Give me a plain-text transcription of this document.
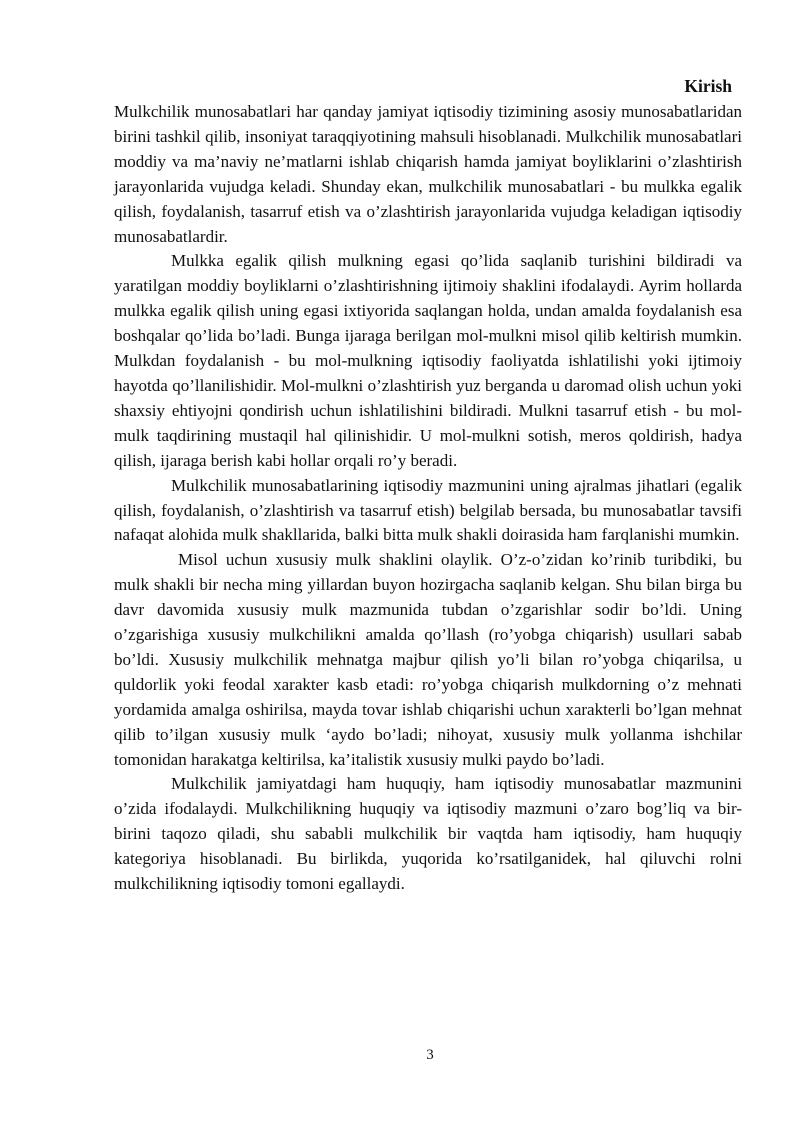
Kirish

Mulkchilik munosabatlari har qanday jamiyat iqtisodiy tizimining asosiy munosabatlaridan birini tashkil qilib, insoniyat taraqqiyotining mahsuli hisoblanadi. Mulkchilik munosabatlari moddiy va ma’naviy ne’matlarni ishlab chiqarish hamda jamiyat boyliklarini o’zlashtirish jarayonlarida vujudga keladi. Shunday ekan, mulkchilik munosabatlari - bu mulkka egalik qilish, foydalanish, tasarruf etish va o’zlashtirish jarayonlarida vujudga keladigan iqtisodiy munosabatlardir.

Mulkka egalik qilish mulkning egasi qo’lida saqlanib turishini bildiradi va yaratilgan moddiy boyliklarni o’zlashtirishning ijtimoiy shaklini ifodalaydi. Ayrim hollarda mulkka egalik qilish uning egasi ixtiyorida saqlangan holda, undan amalda foydalanish esa boshqalar qo’lida bo’ladi. Bunga ijaraga berilgan mol-mulkni misol qilib keltirish mumkin. Mulkdan foydalanish - bu mol-mulkning iqtisodiy faoliyatda ishlatilishi yoki ijtimoiy hayotda qo’llanilishidir. Mol-mulkni o’zlashtirish yuz berganda u daromad olish uchun yoki shaxsiy ehtiyojni qondirish uchun ishlatilishini bildiradi. Mulkni tasarruf etish - bu mol-mulk taqdirining mustaqil hal qilinishidir. U mol-mulkni sotish, meros qoldirish, hadya qilish, ijaraga berish kabi hollar orqali ro’y beradi.

Mulkchilik munosabatlarining iqtisodiy mazmunini uning ajralmas jihatlari (egalik qilish, foydalanish, o’zlashtirish va tasarruf etish) belgilab bersada, bu munosabatlar tavsifi nafaqat alohida mulk shakllarida, balki bitta mulk shakli doirasida ham farqlanishi mumkin.

Misol uchun xususiy mulk shaklini olaylik. O’z-o’zidan ko’rinib turibdiki, bu mulk shakli bir necha ming yillardan buyon hozirgacha saqlanib kelgan. Shu bilan birga bu davr davomida xususiy mulk mazmunida tubdan o’zgarishlar sodir bo’ldi. Uning o’zgarishiga xususiy mulkchilikni amalda qo’llash (ro’yobga chiqarish) usullari sabab bo’ldi. Xususiy mulkchilik mehnatga majbur qilish yo’li bilan ro’yobga chiqarilsa, u quldorlik yoki feodal xarakter kasb etadi: ro’yobga chiqarish mulkdorning o’z mehnati yordamida amalga oshirilsa, mayda tovar ishlab chiqarishi uchun xarakterli bo’lgan mehnat qilib to’ilgan xususiy mulk ‘aydo bo’ladi; nihoyat, xususiy mulk yollanma ishchilar tomonidan harakatga keltirilsa, ka’italistik xususiy mulki paydo bo’ladi.

Mulkchilik jamiyatdagi ham huquqiy, ham iqtisodiy munosabatlar mazmunini o’zida ifodalaydi. Mulkchilikning huquqiy va iqtisodiy mazmuni o’zaro bog’liq va bir-birini taqozo qiladi, shu sababli mulkchilik bir vaqtda ham iqtisodiy, ham huquqiy kategoriya hisoblanadi. Bu birlikda, yuqorida ko’rsatilganidek, hal qiluvchi rolni mulkchilikning iqtisodiy tomoni egallaydi.

3
